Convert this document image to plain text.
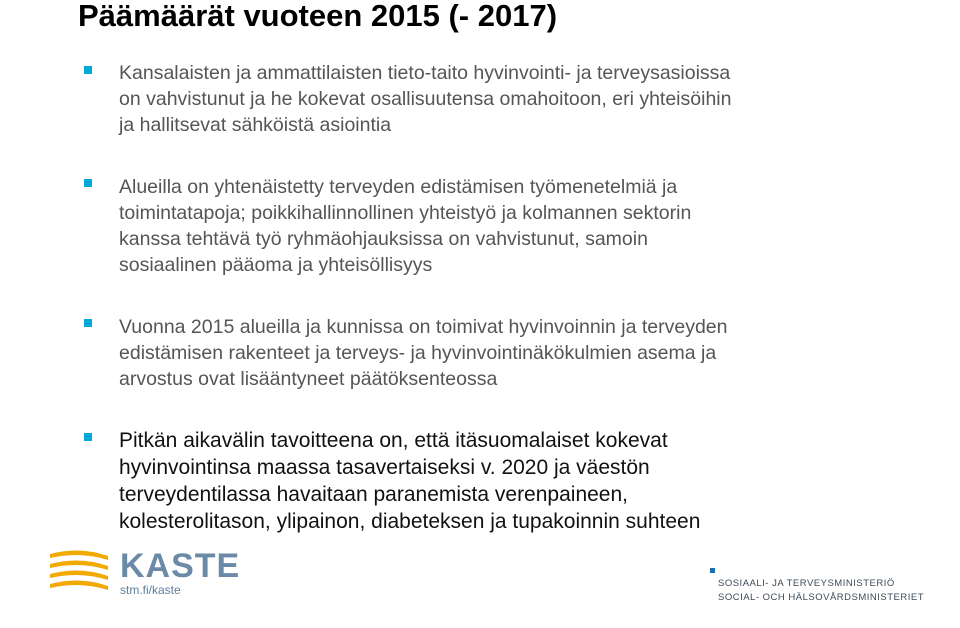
Päämäärät vuoteen 2015 (- 2017)

Kansalaisten ja ammattilaisten tieto-taito hyvinvointi- ja terveysasioissa
on vahvistunut ja he kokevat osallisuutensa omahoitoon, eri yhteisöihin
ja hallitsevat sähköistä asiointia

Alueilla on yhtenäistetty terveyden edistämisen työmenetelmiä ja
toimintatapoja; poikkihallinnollinen yhteistyö ja kolmannen sektorin
kanssa tehtävä työ ryhmäohjauksissa on vahvistunut, samoin
sosiaalinen pääoma ja yhteisöllisyys

Vuonna 2015 alueilla ja kunnissa on toimivat hyvinvoinnin ja terveyden
edistämisen rakenteet ja terveys- ja hyvinvointinäkökulmien asema ja
arvostus ovat lisääntyneet päätöksenteossa

Pitkän aikavälin tavoitteena on, että itäsuomalaiset kokevat
hyvinvointinsa maassa tasavertaiseksi v. 2020 ja väestön
terveydentilassa havaitaan paranemista verenpaineen,
kolesterolitason, ylipainon, diabeteksen ja tupakoinnin suhteen

KASTE
stm.fi/kaste	SOSIAALI- JA TERVEYSMINISTERIÖ
SOCIAL- OCH HÄLSOVÅRDSMINISTERIET
